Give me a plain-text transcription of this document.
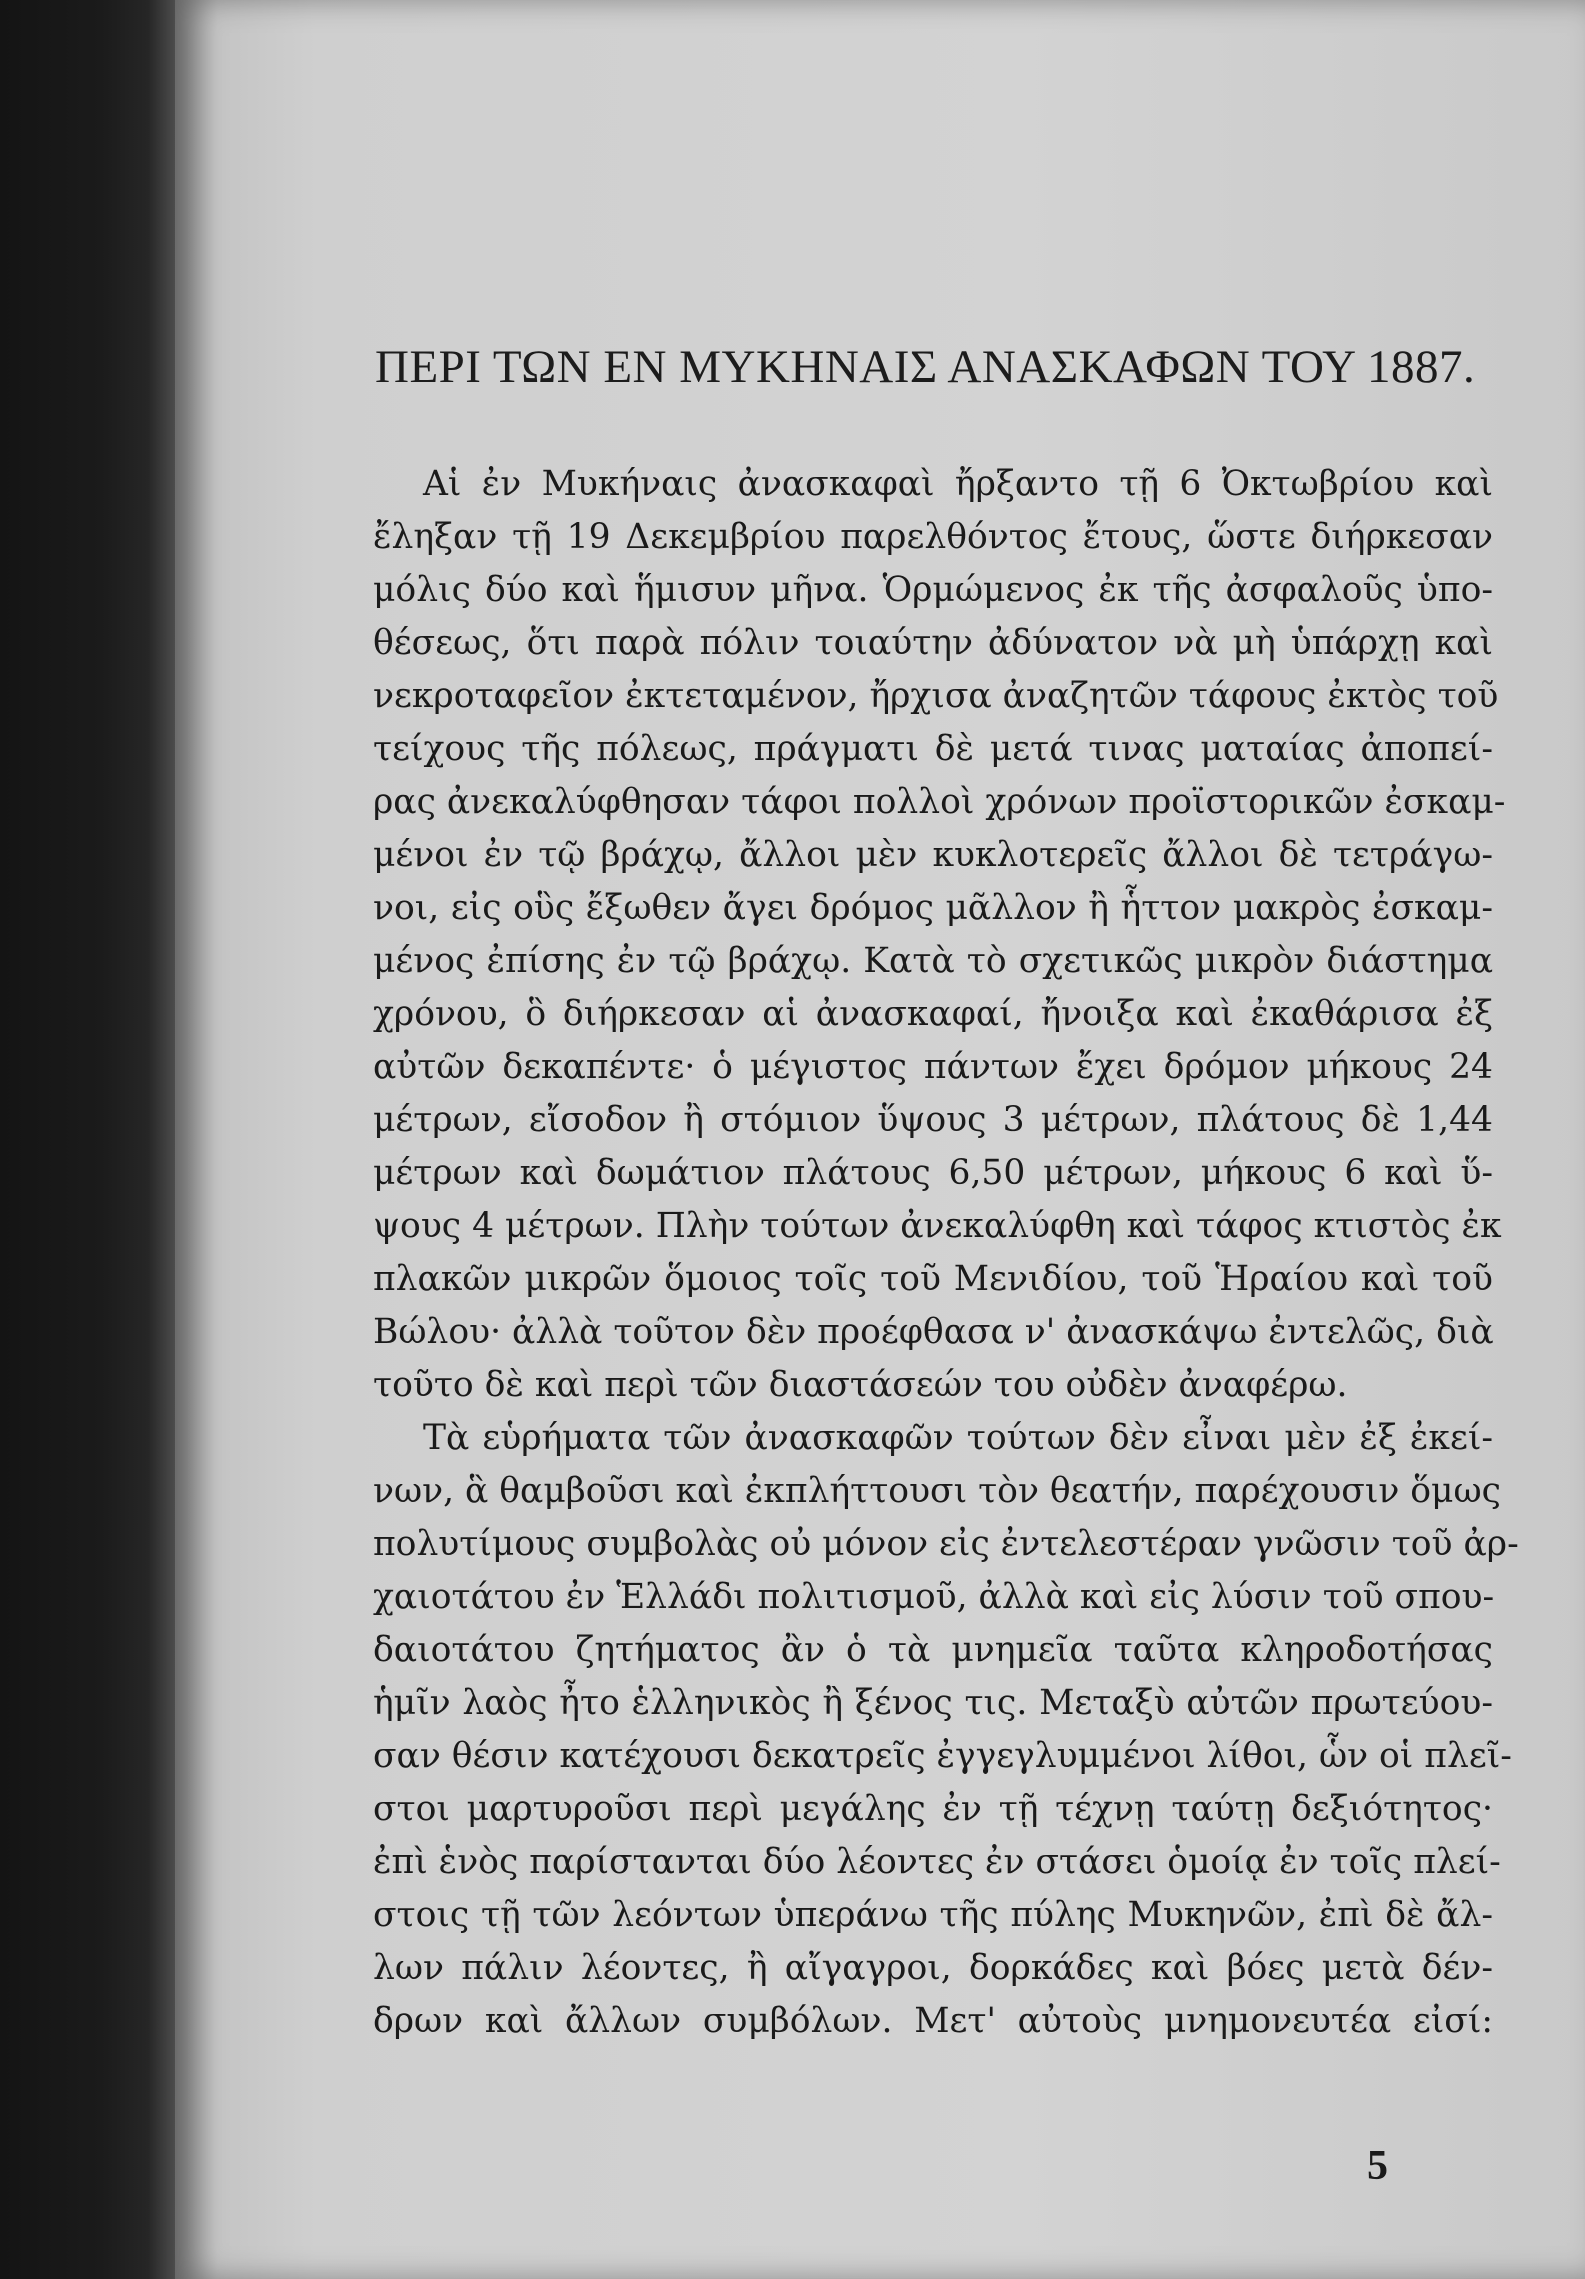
ΠΕΡΙ ΤΩΝ ΕΝ ΜΥΚΗΝΑΙΣ ΑΝΑΣΚΑΦΩΝ ΤΟΥ 1887.
Αἱ ἐν Μυκήναις ἀνασκαφαὶ ἤρξαντο τῇ 6 Ὀκτωβρίου καὶ
ἔληξαν τῇ 19 Δεκεμβρίου παρελθόντος ἔτους, ὥστε διήρκεσαν
μόλις δύο καὶ ἥμισυν μῆνα. Ὁρμώμενος ἐκ τῆς ἀσφαλοῦς ὑπο-
θέσεως, ὅτι παρὰ πόλιν τοιαύτην ἀδύνατον νὰ μὴ ὑπάρχῃ καὶ
νεκροταφεῖον ἐκτεταμένον, ἤρχισα ἀναζητῶν τάφους ἐκτὸς τοῦ
τείχους τῆς πόλεως, πράγματι δὲ μετά τινας ματαίας ἀποπεί-
ρας ἀνεκαλύφθησαν τάφοι πολλοὶ χρόνων προϊστορικῶν ἐσκαμ-
μένοι ἐν τῷ βράχῳ, ἄλλοι μὲν κυκλοτερεῖς ἄλλοι δὲ τετράγω-
νοι, εἰς οὓς ἔξωθεν ἄγει δρόμος μᾶλλον ἢ ἧττον μακρὸς ἐσκαμ-
μένος ἐπίσης ἐν τῷ βράχῳ. Κατὰ τὸ σχετικῶς μικρὸν διάστημα
χρόνου, ὃ διήρκεσαν αἱ ἀνασκαφαί, ἤνοιξα καὶ ἐκαθάρισα ἐξ
αὐτῶν δεκαπέντε· ὁ μέγιστος πάντων ἔχει δρόμον μήκους 24
μέτρων, εἴσοδον ἢ στόμιον ὕψους 3 μέτρων, πλάτους δὲ 1,44
μέτρων καὶ δωμάτιον πλάτους 6,50 μέτρων, μήκους 6 καὶ ὕ-
ψους 4 μέτρων. Πλὴν τούτων ἀνεκαλύφθη καὶ τάφος κτιστὸς ἐκ
πλακῶν μικρῶν ὅμοιος τοῖς τοῦ Μενιδίου, τοῦ Ἡραίου καὶ τοῦ
Βώλου· ἀλλὰ τοῦτον δὲν προέφθασα ν' ἀνασκάψω ἐντελῶς, διὰ
τοῦτο δὲ καὶ περὶ τῶν διαστάσεών του οὐδὲν ἀναφέρω.
Τὰ εὑρήματα τῶν ἀνασκαφῶν τούτων δὲν εἶναι μὲν ἐξ ἐκεί-
νων, ἃ θαμβοῦσι καὶ ἐκπλήττουσι τὸν θεατήν, παρέχουσιν ὅμως
πολυτίμους συμβολὰς οὐ μόνον εἰς ἐντελεστέραν γνῶσιν τοῦ ἀρ-
χαιοτάτου ἐν Ἑλλάδι πολιτισμοῦ, ἀλλὰ καὶ εἰς λύσιν τοῦ σπου-
δαιοτάτου ζητήματος ἂν ὁ τὰ μνημεῖα ταῦτα κληροδοτήσας
ἡμῖν λαὸς ἦτο ἑλληνικὸς ἢ ξένος τις. Μεταξὺ αὐτῶν πρωτεύου-
σαν θέσιν κατέχουσι δεκατρεῖς ἐγγεγλυμμένοι λίθοι, ὧν οἱ πλεῖ-
στοι μαρτυροῦσι περὶ μεγάλης ἐν τῇ τέχνῃ ταύτῃ δεξιότητος·
ἐπὶ ἑνὸς παρίστανται δύο λέοντες ἐν στάσει ὁμοίᾳ ἐν τοῖς πλεί-
στοις τῇ τῶν λεόντων ὑπεράνω τῆς πύλης Μυκηνῶν, ἐπὶ δὲ ἄλ-
λων πάλιν λέοντες, ἢ αἴγαγροι, δορκάδες καὶ βόες μετὰ δέν-
δρων καὶ ἄλλων συμβόλων. Μετ' αὐτοὺς μνημονευτέα εἰσί:

5
